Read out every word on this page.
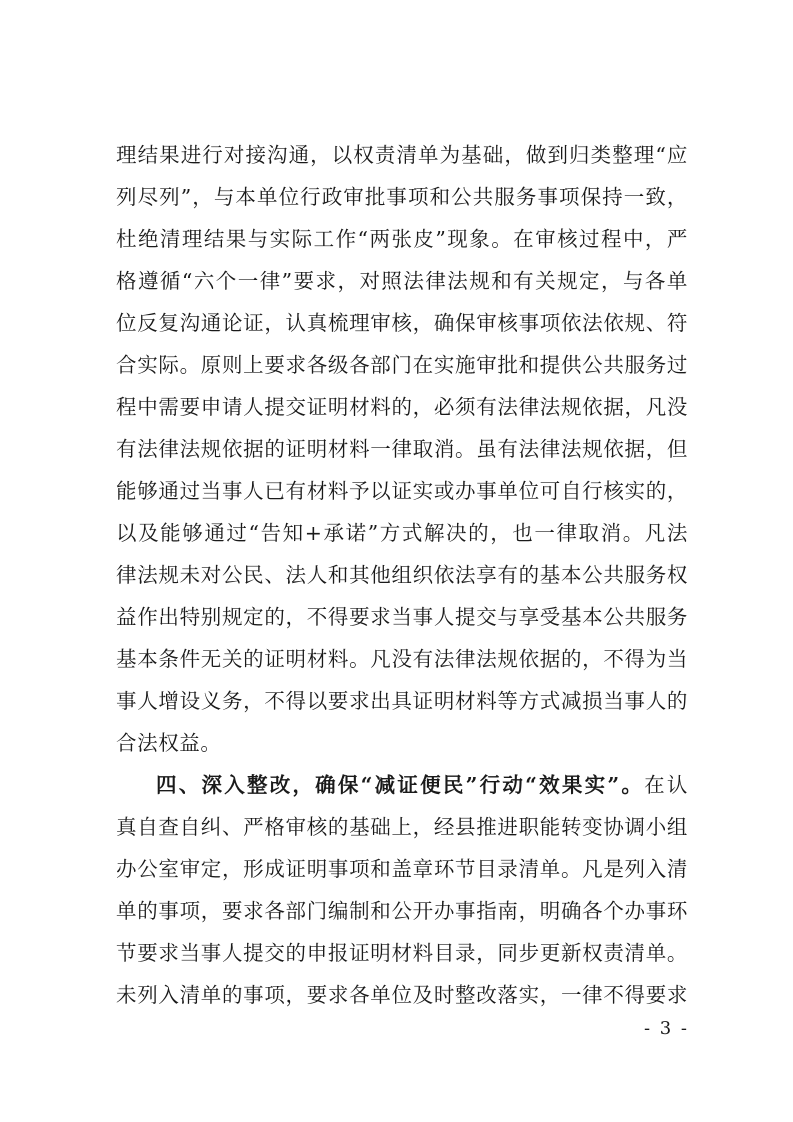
理结果进行对接沟通，以权责清单为基础，做到归类整理“应
列尽列”，与本单位行政审批事项和公共服务事项保持一致，
杜绝清理结果与实际工作“两张皮”现象。在审核过程中，严
格遵循“六个一律”要求，对照法律法规和有关规定，与各单
位反复沟通论证，认真梳理审核，确保审核事项依法依规、符
合实际。原则上要求各级各部门在实施审批和提供公共服务过
程中需要申请人提交证明材料的，必须有法律法规依据，凡没
有法律法规依据的证明材料一律取消。虽有法律法规依据，但
能够通过当事人已有材料予以证实或办事单位可自行核实的，
以及能够通过“告知+承诺”方式解决的，也一律取消。凡法
律法规未对公民、法人和其他组织依法享有的基本公共服务权
益作出特别规定的，不得要求当事人提交与享受基本公共服务
基本条件无关的证明材料。凡没有法律法规依据的，不得为当
事人增设义务，不得以要求出具证明材料等方式减损当事人的
合法权益。
四、深入整改，确保“减证便民”行动“效果实”。在认
真自查自纠、严格审核的基础上，经县推进职能转变协调小组
办公室审定，形成证明事项和盖章环节目录清单。凡是列入清
单的事项，要求各部门编制和公开办事指南，明确各个办事环
节要求当事人提交的申报证明材料目录，同步更新权责清单。
未列入清单的事项，要求各单位及时整改落实，一律不得要求
- 3 -
